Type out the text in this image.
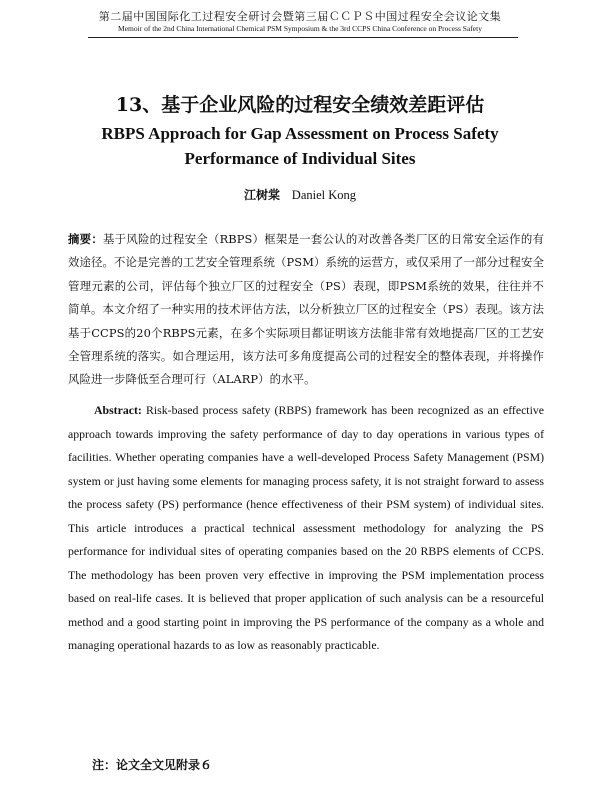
第二届中国国际化工过程安全研讨会暨第三届ＣＣＰＳ中国过程安全会议论文集
Memoir of the 2nd China International Chemical PSM Symposium & the 3rd CCPS China Conference on Process Safety
13、基于企业风险的过程安全绩效差距评估
RBPS Approach for Gap Assessment on Process Safety Performance of Individual Sites
江树棠 Daniel Kong
摘要：基于风险的过程安全（RBPS）框架是一套公认的对改善各类厂区的日常安全运作的有效途径。不论是完善的工艺安全管理系统（PSM）系统的运营方，或仅采用了一部分过程安全管理元素的公司，评估每个独立厂区的过程安全（PS）表现，即PSM系统的效果，往往并不简单。本文介绍了一种实用的技术评估方法，以分析独立厂区的过程安全（PS）表现。该方法基于CCPS的20个RBPS元素，在多个实际项目都证明该方法能非常有效地提高厂区的工艺安全管理系统的落实。如合理运用，该方法可多角度提高公司的过程安全的整体表现，并将操作风险进一步降低至合理可行（ALARP）的水平。
Abstract: Risk-based process safety (RBPS) framework has been recognized as an effective approach towards improving the safety performance of day to day operations in various types of facilities. Whether operating companies have a well-developed Process Safety Management (PSM) system or just having some elements for managing process safety, it is not straight forward to assess the process safety (PS) performance (hence effectiveness of their PSM system) of individual sites. This article introduces a practical technical assessment methodology for analyzing the PS performance for individual sites of operating companies based on the 20 RBPS elements of CCPS. The methodology has been proven very effective in improving the PSM implementation process based on real-life cases. It is believed that proper application of such analysis can be a resourceful method and a good starting point in improving the PS performance of the company as a whole and managing operational hazards to as low as reasonably practicable.
注：论文全文见附录６
